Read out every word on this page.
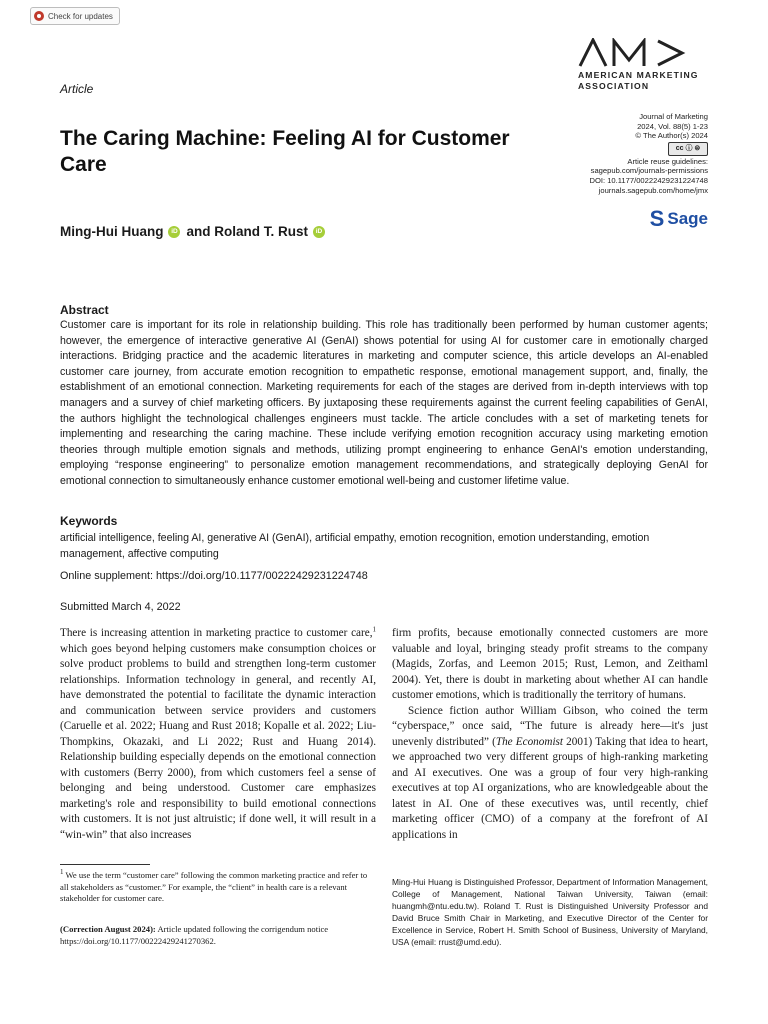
Check for updates
AMERICAN MARKETING
ASSOCIATION
Article
The Caring Machine: Feeling AI for Customer Care
Journal of Marketing
2024, Vol. 88(5) 1-23
© The Author(s) 2024
cc ⓘ ⊜
Article reuse guidelines:
sagepub.com/journals-permissions
DOI: 10.1177/00222429231224748
journals.sagepub.com/home/jmx
S Sage
Ming-Hui Huang	iD and Roland T. Rust	iD
Abstract
Customer care is important for its role in relationship building. This role has traditionally been performed by human customer agents; however, the emergence of interactive generative AI (GenAI) shows potential for using AI for customer care in emotionally charged interactions. Bridging practice and the academic literatures in marketing and computer science, this article develops an AI-enabled customer care journey, from accurate emotion recognition to empathetic response, emotional management support, and, finally, the establishment of an emotional connection. Marketing requirements for each of the stages are derived from in-depth interviews with top managers and a survey of chief marketing officers. By juxtaposing these requirements against the current feeling capabilities of GenAI, the authors highlight the technological challenges engineers must tackle. The article concludes with a set of marketing tenets for implementing and researching the caring machine. These include verifying emotion recognition accuracy using marketing emotion theories through multiple emotion signals and methods, utilizing prompt engineering to enhance GenAI's emotion understanding, employing “response engineering” to personalize emotion management recommendations, and strategically deploying GenAI for emotional connection to simultaneously enhance customer emotional well-being and customer lifetime value.
Keywords
artificial intelligence, feeling AI, generative AI (GenAI), artificial empathy, emotion recognition, emotion understanding, emotion management, affective computing
Online supplement: https://doi.org/10.1177/00222429231224748
Submitted March 4, 2022

There is increasing attention in marketing practice to customer care,$^1$ which goes beyond helping customers make consumption choices or solve product problems to build and strengthen long-term customer relationships. Information technology in general, and recently AI, have demonstrated the potential to facilitate the dynamic interaction and communication between service providers and customers (Caruelle et al. 2022; Huang and Rust 2018; Kopalle et al. 2022; Liu-Thompkins, Okazaki, and Li 2022; Rust and Huang 2014). Relationship building especially depends on the emotional connection with customers (Berry 2000), from which customers feel a sense of belonging and being understood. Customer care emphasizes marketing's role and responsibility to build emotional connections with customers. It is not just altruistic; if done well, it will result in a “win-win” that also increases

firm profits, because emotionally connected customers are more valuable and loyal, bringing steady profit streams to the company (Magids, Zorfas, and Leemon 2015; Rust, Lemon, and Zeithaml 2004). Yet, there is doubt in marketing about whether AI can handle customer emotions, which is traditionally the territory of humans.

Science fiction author William Gibson, who coined the term “cyberspace,” once said, “The future is already here—it's just unevenly distributed” (The Economist 2001) Taking that idea to heart, we approached two very different groups of high-ranking marketing and AI executives. One was a group of four very high-ranking executives at top AI organizations, who are knowledgeable about the latest in AI. One of these executives was, until recently, chief marketing officer (CMO) of a company at the forefront of AI applications in

$^1$ We use the term “customer care” following the common marketing practice and refer to all stakeholders as “customer.” For example, the “client” in health care is a relevant stakeholder for customer care.
(Correction August 2024): Article updated following the corrigendum notice https://doi.org/10.1177/00222429241270362.
Ming-Hui Huang is Distinguished Professor, Department of Information Management, College of Management, National Taiwan University, Taiwan (email: huangmh@ntu.edu.tw). Roland T. Rust is Distinguished University Professor and David Bruce Smith Chair in Marketing, and Executive Director of the Center for Excellence in Service, Robert H. Smith School of Business, University of Maryland, USA (email: rrust@umd.edu).
